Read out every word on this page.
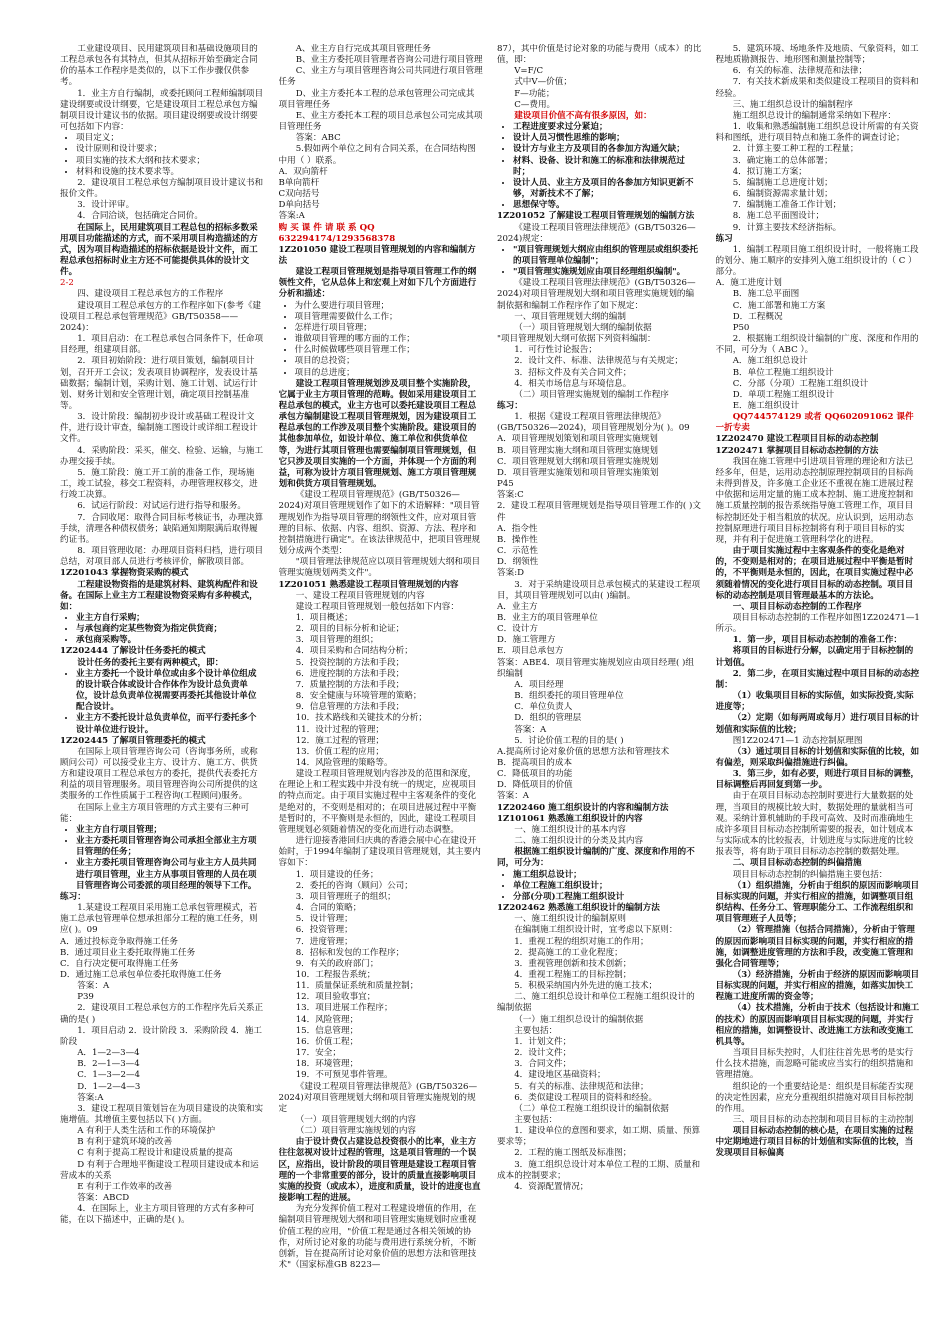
工业建设项目、民用建筑项目和基础设施项目的工程总承包各有其特点，但其从招标开始至确定合同价的基本工作程序是类似的，以下工作步骤仅供参考。

1．业主方自行编制，或委托顾问工程师编制项目建设纲要或设计纲要，它是建设项目工程总承包方编制项目设计建议书的依据。项目建设纲要或设计纲要可包括如下内容：

• 项目定义；
• 设计原则和设计要求；
• 项目实施的技术大纲和技术要求；
• 材料和设施的技术要求等。

2．建设项目工程总承包方编制项目设计建议书和报价文件。

3．设计评审。

4．合同洽谈，包括确定合同价。

在国际上，民用建筑项目工程总包的招标多数采用项目功能描述的方式，而不采用项目构造描述的方式，因为项目构造描述的招标依据是设计文件，而工程总承包招标时业主方还不可能提供具体的设计文件。

2-2

四、建设项目工程总承包方的工作程序

建设项目工程总承包方的工作程序如下(参考《建设项目工程总承包管理规范》GB/T50358——2024)：

1．项目启动：在工程总承包合同条件下，任命项目经理，组建项目部。

2．项目初始阶段：进行项目策划，编制项目计划，召开开工会议；发表项目协调程序，发表设计基础数据；编制计划，采购计划、施工计划、试运行计划、财务计划和安全管理计划，确定项目控制基准等。

3．设计阶段：编制初步设计或基础工程设计文件，进行设计审查，编制施工图设计或详细工程设计文件。

4．采购阶段：采买，催交、检验、运输，与施工办理交接手续。

5．施工阶段：施工开工前的准备工作，现场施工，竣工试验，移交工程资料，办理管理权移交，进行竣工决算。

6．试运行阶段：对试运行进行指导和服务。

7．合同收尾：取得合同目标考核证书，办理决算手续，清理各种债权债务；缺陷通知期限满后取得履约证书。

8．项目管理收尾：办理项目资料归档，进行项目总结，对项目部人员进行考核评价，解散项目部。

1Z201043 掌握物资采购的模式

工程建设物资指的是建筑材料、建筑构配件和设备。在国际上业主方工程建设物资采购有多种模式，如：

• 业主方自行采购；
• 与承包商约定某些物资为指定供货商；
• 承包商采购等。

1Z202444 了解设计任务委托的模式

设计任务的委托主要有两种模式，即：

• 业主方委托一个设计单位或由多个设计单位组成的设计联合体或设计合作体作为设计总负责单位，设计总负责单位视需要再委托其他设计单位配合设计。
• 业主方不委托设计总负责单位，而平行委托多个设计单位进行设计。

1Z202445 了解项目管理委托的模式

在国际上项目管理咨询公司（咨询事务所，或称顾问公司）可以接受业主方、设计方、施工方、供货方和建设项目工程总承包方的委托，提供代表委托方利益的项目管理服务。项目管理咨询公司所提供的这类服务的工作性质属于工程咨询(工程顾问)服务。

在国际上业主方项目管理的方式主要有三种可能：

• 业主方自行项目管理；
• 业主方委托项目管理咨询公司承担全部业主方项目管理的任务；
• 业主方委托项目管理咨询公司与业主方人员共同进行项目管理，业主方从事项目管理的人员在项目管理咨询公司委派的项目经理的领导下工作。

练习：

1.某建设工程项目采用施工总承包管理模式，若施工总承包管理单位想承担部分工程的施工任务，则应( )。09

A．通过投标竞争取得施工任务

B．通过项目业主委托取得施工任务

C．自行决定便可取得施工任务

D．通过施工总承包单位委托取得施工任务

答案：A

P39

2．建设项目工程总承包方的工作程序先后关系正确的是( )

1．项目启动 2．设计阶段 3．采购阶段 4．施工阶段

A．1—2—3—4

B．2—1—3—4

C．1—3—2—4

D．1—2—4—3

答案:A

3．建设工程项目策划旨在为项目建设的决策和实施增值。其增值主要包括以下( )方面。

A 有利于人类生活和工作的环境保护

B 有利于建筑环境的改善

C 有利于提高工程设计和建设质量的提高

D 有利于合理地平衡建设工程项目建设成本和运营成本的关系

E 有利于工作效率的改善

答案：ABCD

4．在国际上，业主方项目管理的方式有多种可能，在以下描述中，正确的是( )。

A、业主方自行完成其项目管理任务

B、业主方委托项目管理者咨询公司进行项目管理

C、业主方与项目管理咨询公司共同进行项目管理任务

D、业主方委托本工程的总承包管理公司完成其项目管理任务

E、业主方委托本工程的项目总承包公司完成其项目管理任务

答案：ABC

5.假如两个单位之间有合同关系，在合同结构图中用（ ）联系。

A．双向箭杆

B单向箭杆

C双向括号

D单向括号

答案:A

购 买 课 件 请 联 系 QQ 632294174/1293568378

1Z201050 建设工程项目管理规划的内容和编制方法

建设工程项目管理规划是指导项目管理工作的纲领性文件，它从总体上和宏观上对如下几个方面进行分析和描述：

• 为什么要进行项目管理；
• 项目管理需要做什么工作；
• 怎样进行项目管理；
• 谁做项目管理的哪方面的工作；
• 什么时候做哪些项目管理工作；
• 项目的总投资；
• 项目的总进度；

建设工程项目管理规划涉及项目整个实施阶段，它属于业主方项目管理的范畴。假如采用建设项目工程总承包的模式，业主方也可以委托建设项目工程总承包方编制建设工程项目管理规划，因为建设项目工程总承包的工作涉及项目整个实施阶段。建设项目的其他参加单位，如设计单位、施工单位和供货单位等，为进行其项目管理也需要编制项目管理规划，但它只涉及项目实施的一个方面，并体现一个方面的利益，可称为设计方项目管理规划、施工方项目管理规划和供货方项目管理规划。

《建设工程项目管理规范》(GB/T50326—2024)对项目管理规划作了如下的术语解释："项目管理规划作为指导项目管理的纲领性文件，应对项目管理的目标、依据、内容、组织、资源、方法、程序和控制措施进行确定"。在该法律规范中，把项目管理规划分成两个类型：

"项目管理法律规范应以项目管理规划大纲和项目管理实施规划两类文件"。

1Z201051 熟悉建设工程项目管理规划的内容

一、建设工程项目管理规划的内容

建设工程项目管理规划一般包括如下内容：

1．项目概述；

2．项目的目标分析和论证；

3．项目管理的组织；

4．项目采购和合同结构分析；

5．投资控制的方法和手段；

6．进度控制的方法和手段；

7．质量控制的方法和手段；

8．安全健康与环境管理的策略；

9．信息管理的方法和手段；

10．技术路线和关键技术的分析；

11．设计过程的管理；

12．施工过程的管理；

13．价值工程的应用；

14．风险管理的策略等。

建设工程项目管理规划内容涉及的范围和深度，在理论上和工程实践中并没有统一的规定，应视项目的特点而定。由于项目实施过程中主客观条件的变化是绝对的，不变则是相对的；在项目进展过程中平衡是暂时的，不平衡则是永恒的，因此，建设工程项目管理规划必须随着情况的变化而进行动态调整。

进行迎接香港回归庆典的香港会展中心在建设开始时，于1994年编制了建设项目管理规划，其主要内容如下：

1．项目建设的任务；

2．委托的咨询（顾问）公司；

3．项目管理班子的组织；

4．合同的策略；

5．设计管理；

6．投资管理；

7．进度管理；

8．招标和发包的工作程序；

9．有关的政府部门；

10．工程报告系统；

11．质量保证系统和质量控制；

12．项目验收事宜；

13．项目进展工作程序；

14．风险管理；

15．信息管理；

16．价值工程；

17．安全；

18．环境管理；

19．不可预见事件管理。

《建设工程项目管理法律规范》(GB/T50326—2024)对项目管理规划大纲和项目管理实施规划的规定

（一）项目管理规划大纲的内容

（二）项目管理实施规划的内容

由于设计费仅占建设总投资很小的比率，业主方往往忽视对设计过程的管理，这是项目管理的一个误区，应指出，设计阶段的项目管理是建设工程项目管理的一个非常重要的部分，设计的质量直接影响项目实施的投资（或成本），进度和质量，设计的进度也直接影响工程的进展。

为充分发挥价值工程对工程建设增值的作用，在编制项目管理规划大纲和项目管理实施规划时应重视价值工程的应用，"价值工程是通过各相关领域的协作，对所讨论对象的功能与费用进行系统分析，不断创新，旨在提高所讨论对象价值的思想方法和管理技术"（国家标准GB 8223—

87），其中价值是讨论对象的功能与费用（成本）的比值，即：

V=F/C

式中V—价值；

F—功能；

C—费用。

建设项目价值不高有很多原因，如：

• 工程进度要求过分紧迫；
• 设计人员习惯性思维的影响；
• 设计方与业主方及项目的各参加方沟通欠缺；
• 材料、设备、设计和施工的标准和法律规范过时；
• 设计人员、业主方及项目的各参加方知识更新不够，对新技术不了解；
• 思想保守等。

1Z201052 了解建设工程项目管理规划的编制方法

《建设工程项目管理法律规范》(GB/T50326—2024)规定：

• "项目管理规划大纲应由组织的管理层或组织委托的项目管理单位编制"；
• "项目管理实施规划应由项目经理组织编制"。

《建设工程项目管理法律规范》(GB/T50326—2024)对项目管理规划大纲和项目管理实施规划的编制依据和编制工作程序作了如下规定：

一、项目管理规划大纲的编制

（一）项目管理规划大纲的编制依据

"项目管理规划大纲可依据下列资料编制：

1．可行性讨论报告；

2．设计文件、标准、法律规范与有关规定；

3．招标文件及有关合同文件；

4．相关市场信息与环境信息。

（二）项目管理实施规划的编制工作程序

练习：

1．根据《建设工程项目管理法律规范》(GB/T50326—2024)，项目管理规划分为( )。09

A．项目管理规划策划和项目管理实施规划

B．项目管理实施大纲和项目管理实施规划

C．项目管理规划大纲和项目管理实施规划

D．项目管理实施策划和项目管理实施策划

P45

答案:C

2．建设工程项目管理规划是指导项目管理工作的( )文件

A．指令性

B．操作性

C．示范性

D．纲领性

答案:D

3．对于采纳建设项目总承包模式的某建设工程项目，其项目管理规划可以由( )编制。

A．业主方

B．业主方的项目管理单位

C．设计方

D．施工管理方

E．项目总承包方

答案：ABE4．项目管理实施规划应由项目经理( )组织编制

A．项目经理

B．组织委托的项目管理单位

C．单位负责人

D．组织的管理层

答案：A

5．讨论价值工程的目的是( )

A.提高所讨论对象价值的思想方法和管理技术

B．提高项目的成本

C．降低项目的功能

D．降低项目的价值

答案：A

1Z202460 施工组织设计的内容和编制方法

1Z101061 熟悉施工组织设计的内容

一、施工组织设计的基本内容

二、施工组织设计的分类及其内容

根据施工组织设计编制的广度、深度和作用的不同，可分为：

• 施工组织总设计；
• 单位工程施工组织设计；
• 分部(分项)工程施工组织设计

1Z202462 熟悉施工组织设计的编制方法

一、施工组织设计的编制原则

在编制施工组织设计时，宜考虑以下原则：

1．重视工程的组织对施工的作用；

2．提高施工的工业化程度；

3．重视管理创新和技术创新；

4．重视工程施工的目标控制；

5．积极采纳国内外先进的施工技术；

二、施工组织总设计和单位工程施工组织设计的编制依据

（一）施工组织总设计的编制依据

主要包括：

1．计划文件；

2．设计文件；

3．合同文件；

4．建设地区基础资料；

5．有关的标准、法律规范和法律；

6．类似建设工程项目的资料和经验。

（二）单位工程施工组织设计的编制依据

主要包括：

1．建设单位的意图和要求，如工期、质量、预算要求等；

2．工程的施工图纸及标准图；

3．施工组织总设计对本单位工程的工期、质量和成本的控制要求；

4．资源配置情况；

5．建筑环境、场地条件及地质、气象资料，如工程地质勘测报告、地形图和测量控制等；

6．有关的标准、法律规范和法律；

7．有关技术新成果和类似建设工程项目的资料和经验。

三、施工组织总设计的编制程序

施工组织总设计的编制通常采纳如下程序：

1．收集和熟悉编制施工组织总设计所需的有关资料和图纸，进行项目特点和施工条件的调查讨论；

2．计算主要工种工程的工程量；

3．确定施工的总体部署；

4．拟订施工方案；

5．编制施工总进度计划；

6．编制资源需求量计划；

7．编制施工准备工作计划；

8．施工总平面图设计；

9．计算主要技术经济指标。

练习

1．编制工程项目施工组织设计时，一般将施工段的划分、施工顺序的安排列入施工组织设计的（ C ）部分。

A．施工进度计划

B．施工总平面图

C．施工部署和施工方案

D．工程概况

P50

2．根据施工组织设计编制的广度、深度和作用的不同，可分为（ ABC ）。

A．施工组织总设计

B．单位工程施工组织设计

C．分部（分项）工程施工组织设计

D．单项工程施工组织设计

E．施工组织设计

QQ744574129 或者 QQ602091062 课件一折专卖

1Z202470 建设工程项目目标的动态控制

1Z202471 掌握项目目标动态控制的方法

我国在施工管理中引进项目管理的理论和方法已经多年，但是，运用动态控制原理控制项目的目标尚未得到普及，许多施工企业还不重视在施工进展过程中依据和运用定量的施工成本控制、施工进度控制和施工质量控制的报告系统指导施工管理工作，项目目标控制还处于相当粗放的状况。应认识到，运用动态控制原理进行项目目标控制将有利于项目目标的实现，并有利于促进施工管理科学化的进程。

由于项目实施过程中主客观条件的变化是绝对的，不变则是相对的；在项目进展过程中平衡是暂时的，不平衡则是永恒的，因此，在项目实施过程中必须随着情况的变化进行项目目标的动态控制。项目目标的动态控制是项目管理最基本的方法论。

一、项目目标动态控制的工作程序

项目目标动态控制的工作程序如图1Z202471—1所示。

1．第一步，项目目标动态控制的准备工作：

将项目的目标进行分解，以确定用于目标控制的计划值。

2．第二步，在项目实施过程中项目目标的动态控制：

（1）收集项目目标的实际值，如实际投资,实际进度等；

（2）定期（如每两周或每月）进行项目目标的计划值和实际值的比较；

图1Z202471—1 动态控制原理图

（3）通过项目目标的计划值和实际值的比较，如有偏差，则采取纠偏措施进行纠偏。

3．第三步，如有必要，则进行项目目标的调整，目标调整后再回复到第一步。

由于在项目目标动态控制时要进行大量数据的处理，当项目的规模比较大时，数据处理的量就相当可观。采纳计算机辅助的手段可高效、及时而准确地生成许多项目目标动态控制所需要的报表，如计划成本与实际成本的比较报表，计划进度与实际进度的比较报表等，将有助于项目目标动态控制的数据处理。

二、项目目标动态控制的纠偏措施

项目目标动态控制的纠偏措施主要包括：

（1）组织措施，分析由于组织的原因而影响项目目标实现的问题，并实行相应的措施，如调整项目组织结构、任务分工、管理职能分工、工作流程组织和项目管理班子人员等；

（2）管理措施（包括合同措施），分析由于管理的原因而影响项目目标实现的问题，并实行相应的措施，如调整进度管理的方法和手段，改变施工管理和强化合同管理等；

（3）经济措施，分析由于经济的原因而影响项目目标实现的问题，并实行相应的措施，如落实加快工程施工进度所需的资金等；

（4）技术措施，分析由于技术（包括设计和施工的技术）的原因而影响项目目标实现的问题，并实行相应的措施，如调整设计、改进施工方法和改变施工机具等。

当项目目标失控时，人们往往首先思考的是实行什么技术措施，而忽略可能或应当实行的组织措施和管理措施。

组织论的一个重要结论是：组织是目标能否实现的决定性因素，应充分重视组织措施对项目目标控制的作用。

三、项目目标的动态控制和项目目标的主动控制

项目目标动态控制的核心是，在项目实施的过程中定期地进行项目目标的计划值和实际值的比较，当发现项目目标偏离
